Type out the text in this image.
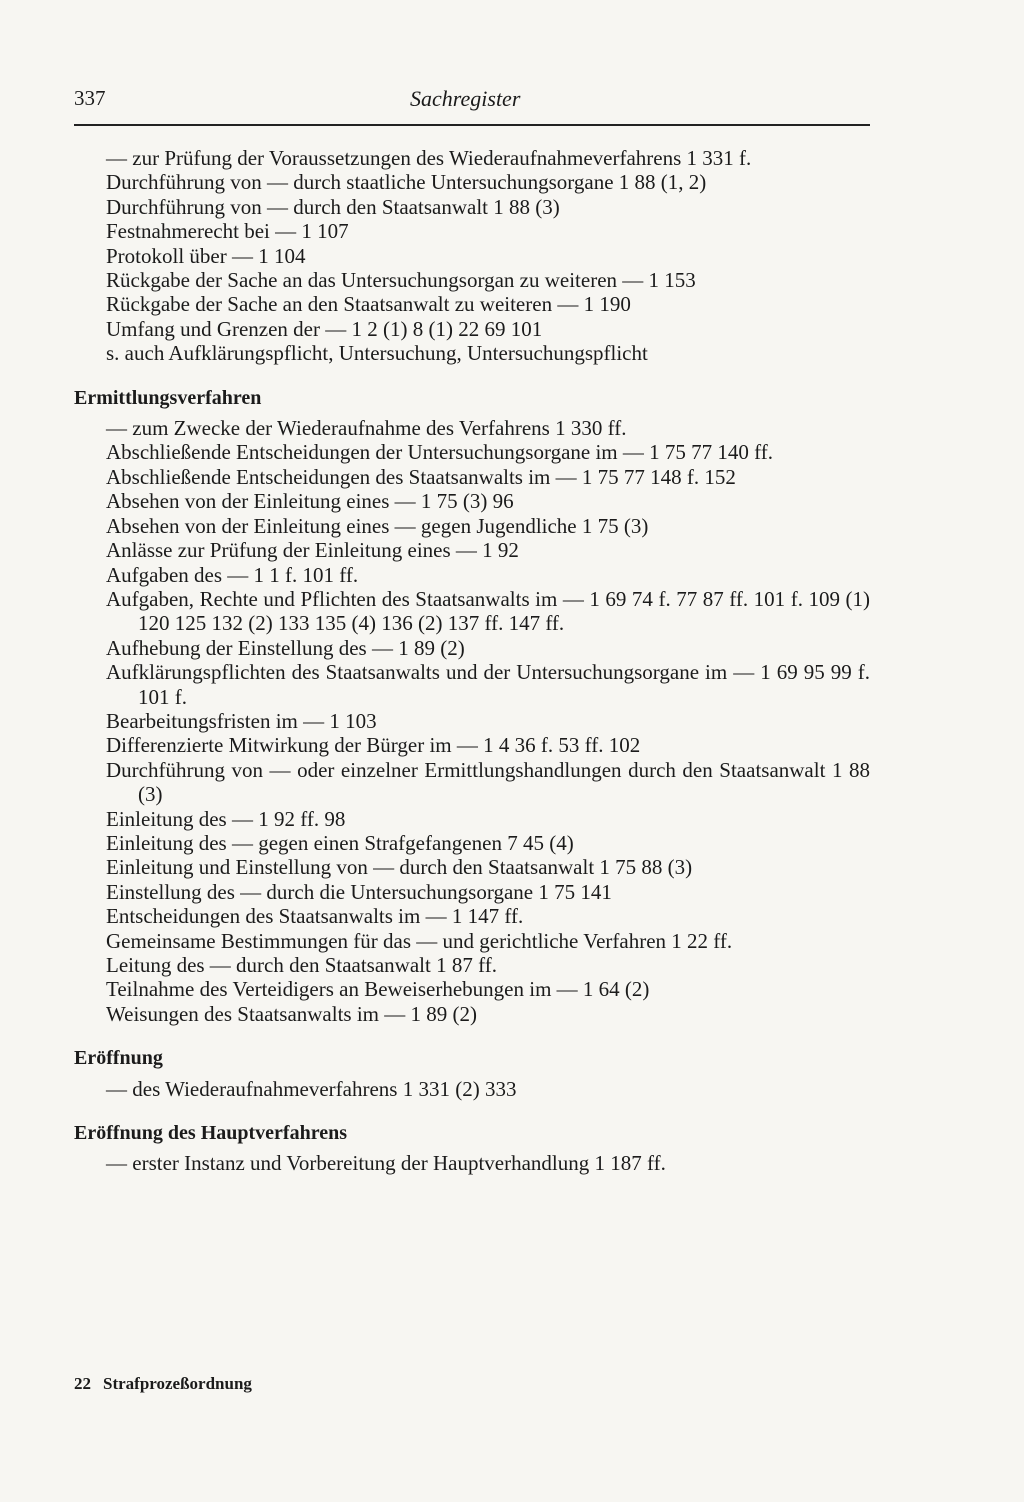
337	Sachregister

— zur Prüfung der Voraussetzungen des Wiederaufnahmeverfahrens 1 331 f.

Durchführung von — durch staatliche Untersuchungsorgane 1 88 (1, 2)

Durchführung von — durch den Staatsanwalt 1 88 (3)

Festnahmerecht bei — 1 107

Protokoll über — 1 104

Rückgabe der Sache an das Untersuchungsorgan zu weiteren — 1 153

Rückgabe der Sache an den Staatsanwalt zu weiteren — 1 190

Umfang und Grenzen der — 1 2 (1) 8 (1) 22 69 101

s. auch Aufklärungspflicht, Untersuchung, Untersuchungspflicht

Ermittlungsverfahren

— zum Zwecke der Wiederaufnahme des Verfahrens 1 330 ff.

Abschließende Entscheidungen der Untersuchungsorgane im — 1 75 77 140 ff.

Abschließende Entscheidungen des Staatsanwalts im — 1 75 77 148 f. 152

Absehen von der Einleitung eines — 1 75 (3) 96

Absehen von der Einleitung eines — gegen Jugendliche 1 75 (3)

Anlässe zur Prüfung der Einleitung eines — 1 92

Aufgaben des — 1 1 f. 101 ff.

Aufgaben, Rechte und Pflichten des Staatsanwalts im — 1 69 74 f. 77 87 ff. 101 f. 109 (1) 120 125 132 (2) 133 135 (4) 136 (2) 137 ff. 147 ff.

Aufhebung der Einstellung des — 1 89 (2)

Aufklärungspflichten des Staatsanwalts und der Untersuchungsorgane im — 1 69 95 99 f. 101 f.

Bearbeitungsfristen im — 1 103

Differenzierte Mitwirkung der Bürger im — 1 4 36 f. 53 ff. 102

Durchführung von — oder einzelner Ermittlungshandlungen durch den Staatsanwalt 1 88 (3)

Einleitung des — 1 92 ff. 98

Einleitung des — gegen einen Strafgefangenen 7 45 (4)

Einleitung und Einstellung von — durch den Staatsanwalt 1 75 88 (3)

Einstellung des — durch die Untersuchungsorgane 1 75 141

Entscheidungen des Staatsanwalts im — 1 147 ff.

Gemeinsame Bestimmungen für das — und gerichtliche Verfahren 1 22 ff.

Leitung des — durch den Staatsanwalt 1 87 ff.

Teilnahme des Verteidigers an Beweiserhebungen im — 1 64 (2)

Weisungen des Staatsanwalts im — 1 89 (2)

Eröffnung

— des Wiederaufnahmeverfahrens 1 331 (2) 333

Eröffnung des Hauptverfahrens

— erster Instanz und Vorbereitung der Hauptverhandlung 1 187 ff.

22 Strafprozeßordnung
